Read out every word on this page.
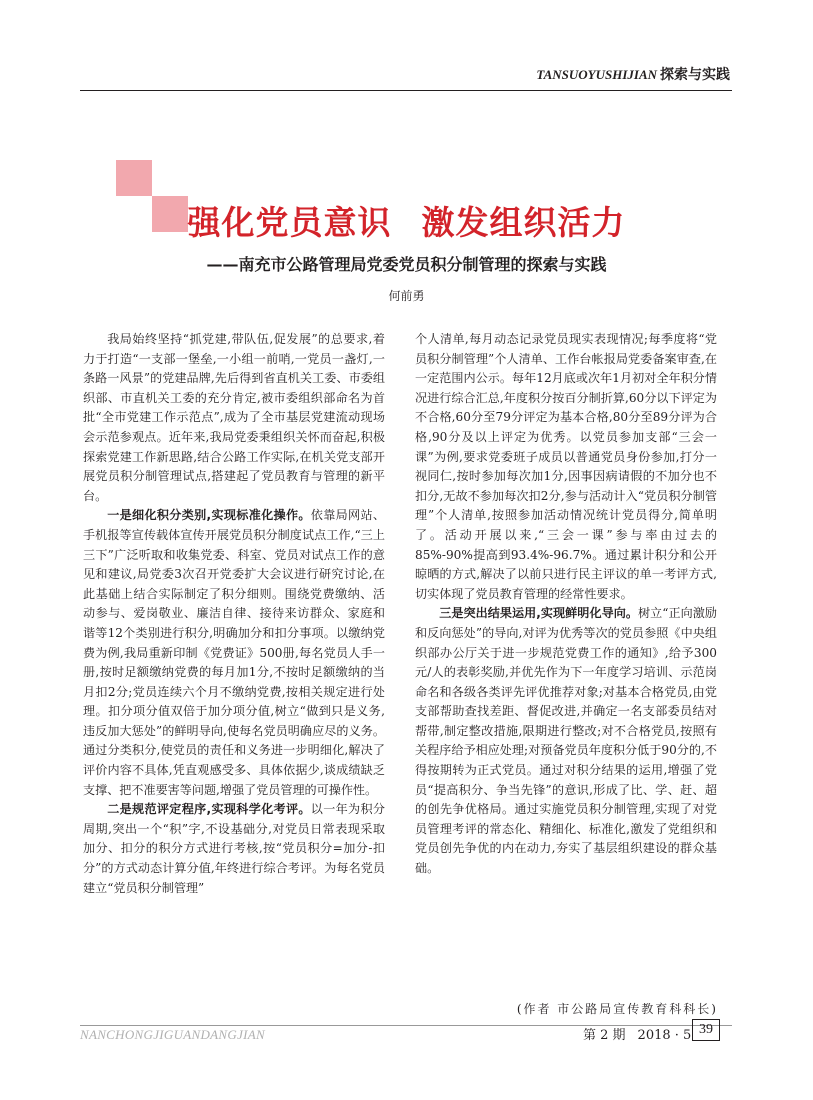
TANSUOYUSHIJIAN 探索与实践
强化党员意识 激发组织活力
——南充市公路管理局党委党员积分制管理的探索与实践
何前勇

我局始终坚持“抓党建,带队伍,促发展”的总要求,着力于打造“一支部一堡垒,一小组一前哨,一党员一盏灯,一条路一风景”的党建品牌,先后得到省直机关工委、市委组织部、市直机关工委的充分肯定,被市委组织部命名为首批“全市党建工作示范点”,成为了全市基层党建流动现场会示范参观点。近年来,我局党委秉组织关怀而奋起,积极探索党建工作新思路,结合公路工作实际,在机关党支部开展党员积分制管理试点,搭建起了党员教育与管理的新平台。

一是细化积分类别,实现标准化操作。依靠局网站、手机报等宣传载体宣传开展党员积分制度试点工作,“三上三下”广泛听取和收集党委、科室、党员对试点工作的意见和建议,局党委3次召开党委扩大会议进行研究讨论,在此基础上结合实际制定了积分细则。围绕党费缴纳、活动参与、爱岗敬业、廉洁自律、接待来访群众、家庭和谐等12个类别进行积分,明确加分和扣分事项。以缴纳党费为例,我局重新印制《党费证》500册,每名党员人手一册,按时足额缴纳党费的每月加1分,不按时足额缴纳的当月扣2分;党员连续六个月不缴纳党费,按相关规定进行处理。扣分项分值双倍于加分项分值,树立“做到只是义务,违反加大惩处”的鲜明导向,使每名党员明确应尽的义务。通过分类积分,使党员的责任和义务进一步明细化,解决了评价内容不具体,凭直观感受多、具体依据少,谈成绩缺乏支撑、把不准要害等问题,增强了党员管理的可操作性。

二是规范评定程序,实现科学化考评。以一年为积分周期,突出一个“积”字,不设基础分,对党员日常表现采取加分、扣分的积分方式进行考核,按“党员积分=加分-扣分”的方式动态计算分值,年终进行综合考评。为每名党员建立“党员积分制管理”

个人清单,每月动态记录党员现实表现情况;每季度将“党员积分制管理”个人清单、工作台帐报局党委备案审查,在一定范围内公示。每年12月底或次年1月初对全年积分情况进行综合汇总,年度积分按百分制折算,60分以下评定为不合格,60分至79分评定为基本合格,80分至89分评为合格,90分及以上评定为优秀。以党员参加支部“三会一课”为例,要求党委班子成员以普通党员身份参加,打分一视同仁,按时参加每次加1分,因事因病请假的不加分也不扣分,无故不参加每次扣2分,参与活动计入“党员积分制管理”个人清单,按照参加活动情况统计党员得分,简单明了。活动开展以来,“三会一课”参与率由过去的85%-90%提高到93.4%-96.7%。通过累计积分和公开晾晒的方式,解决了以前只进行民主评议的单一考评方式,切实体现了党员教育管理的经常性要求。

三是突出结果运用,实现鲜明化导向。树立“正向激励和反向惩处”的导向,对评为优秀等次的党员参照《中央组织部办公厅关于进一步规范党费工作的通知》,给予300元/人的表彰奖励,并优先作为下一年度学习培训、示范岗命名和各级各类评先评优推荐对象;对基本合格党员,由党支部帮助查找差距、督促改进,并确定一名支部委员结对帮带,制定整改措施,限期进行整改;对不合格党员,按照有关程序给予相应处理;对预备党员年度积分低于90分的,不得按期转为正式党员。通过对积分结果的运用,增强了党员“提高积分、争当先锋”的意识,形成了比、学、赶、超的创先争优格局。通过实施党员积分制管理,实现了对党员管理考评的常态化、精细化、标准化,激发了党组织和党员创先争优的内在动力,夯实了基层组织建设的群众基础。

(作者 市公路局宣传教育科科长)
NANCHONGJIGUANDANGJIAN	第 2 期 2018 · 5 39
